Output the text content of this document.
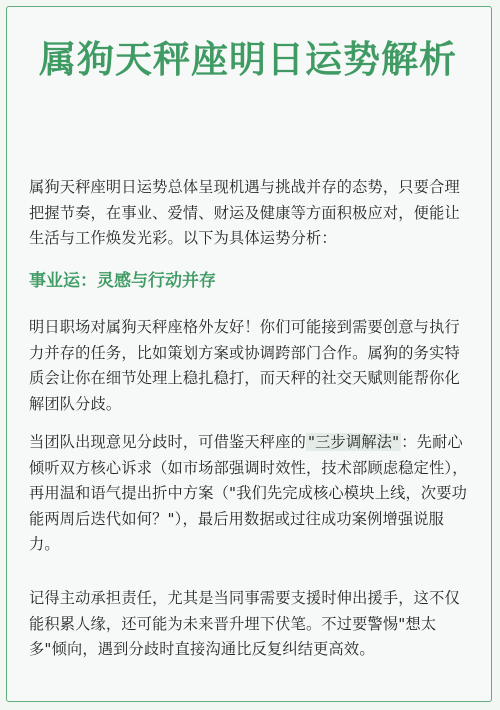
属狗天秤座明日运势解析

属狗天秤座明日运势总体呈现机遇与挑战并存的态势，只要合理把握节奏，在事业、爱情、财运及健康等方面积极应对，便能让生活与工作焕发光彩。以下为具体运势分析：

事业运：灵感与行动并存

明日职场对属狗天秤座格外友好！你们可能接到需要创意与执行力并存的任务，比如策划方案或协调跨部门合作。属狗的务实特质会让你在细节处理上稳扎稳打，而天秤的社交天赋则能帮你化解团队分歧。

当团队出现意见分歧时，可借鉴天秤座的 "三步调解法" ：先耐心倾听双方核心诉求（如市场部强调时效性，技术部顾虑稳定性），再用温和语气提出折中方案（"我们先完成核心模块上线，次要功能两周后迭代如何？"），最后用数据或过往成功案例增强说服力。

记得主动承担责任，尤其是当同事需要支援时伸出援手，这不仅能积累人缘，还可能为未来晋升埋下伏笔。不过要警惕"想太多"倾向，遇到分歧时直接沟通比反复纠结更高效。
